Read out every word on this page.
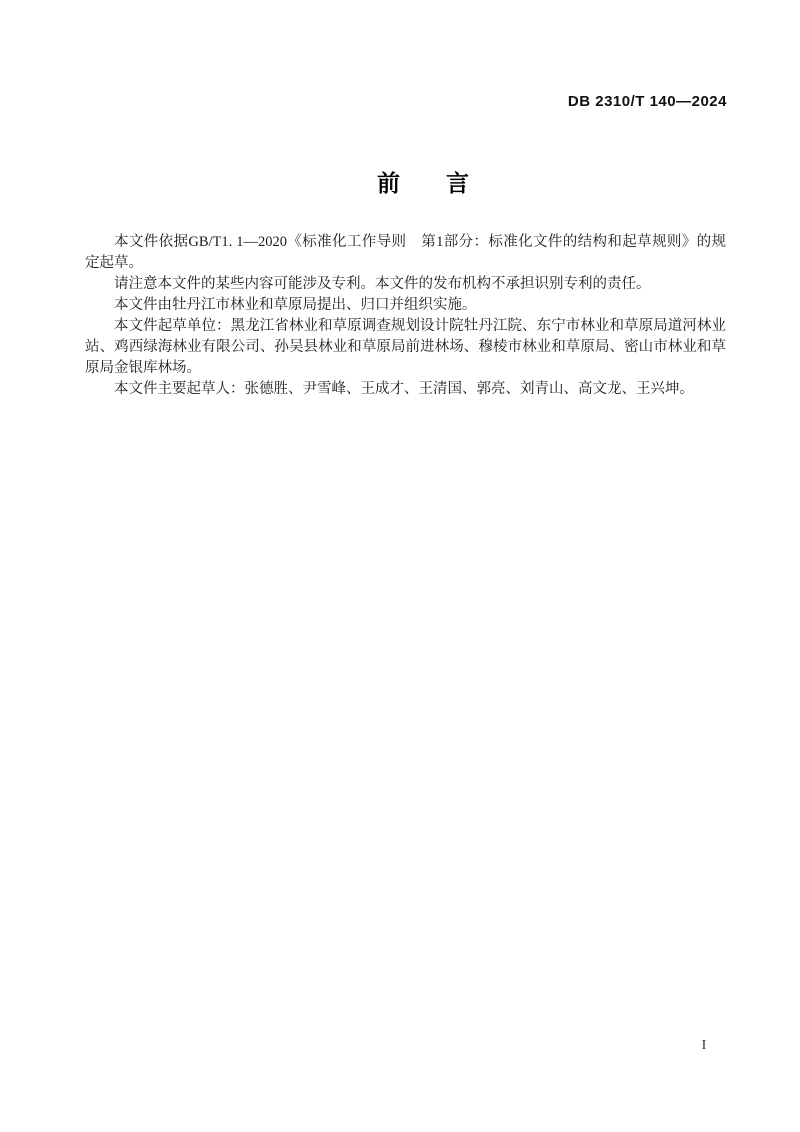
DB 2310/T 140—2024
前　　言

本文件依据GB/T1. 1—2020《标准化工作导则　第1部分：标准化文件的结构和起草规则》的规定起草。

请注意本文件的某些内容可能涉及专利。本文件的发布机构不承担识别专利的责任。

本文件由牡丹江市林业和草原局提出、归口并组织实施。

本文件起草单位：黑龙江省林业和草原调查规划设计院牡丹江院、东宁市林业和草原局道河林业站、鸡西绿海林业有限公司、孙吴县林业和草原局前进林场、穆棱市林业和草原局、密山市林业和草原局金银库林场。

本文件主要起草人：张德胜、尹雪峰、王成才、王清国、郭亮、刘青山、高文龙、王兴坤。

I
